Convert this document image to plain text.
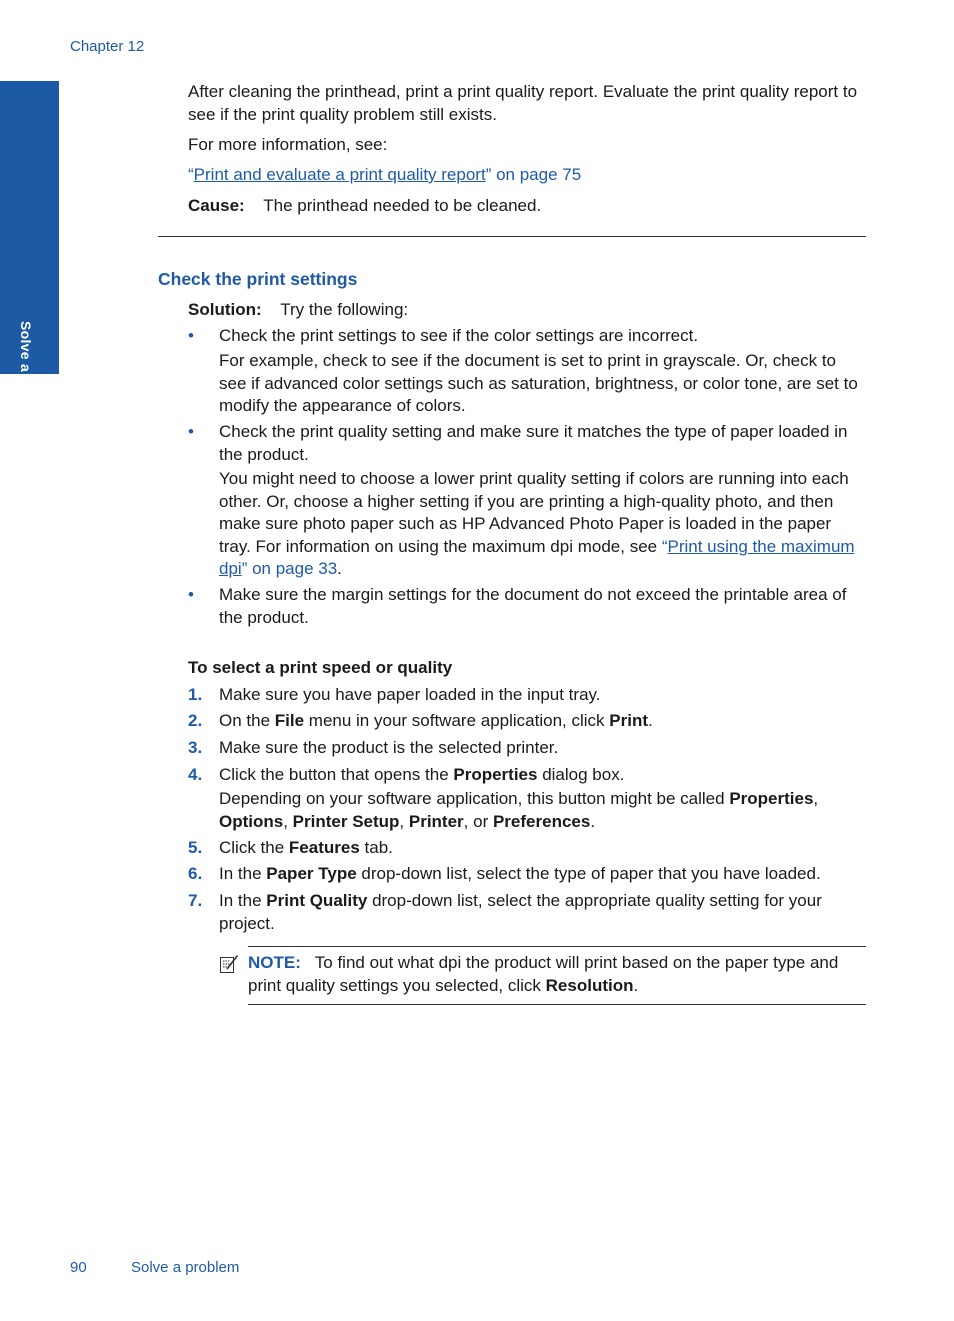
Chapter 12
Solve a problem
After cleaning the printhead, print a print quality report. Evaluate the print quality report to see if the print quality problem still exists.
For more information, see:
“Print and evaluate a print quality report” on page 75
Cause: The printhead needed to be cleaned.
Check the print settings
Solution: Try the following:
• Check the print settings to see if the color settings are incorrect.
For example, check to see if the document is set to print in grayscale. Or, check to see if advanced color settings such as saturation, brightness, or color tone, are set to modify the appearance of colors.
• Check the print quality setting and make sure it matches the type of paper loaded in the product.
You might need to choose a lower print quality setting if colors are running into each other. Or, choose a higher setting if you are printing a high-quality photo, and then make sure photo paper such as HP Advanced Photo Paper is loaded in the paper tray. For information on using the maximum dpi mode, see “Print using the maximum dpi” on page 33.
• Make sure the margin settings for the document do not exceed the printable area of the product.
To select a print speed or quality
1. Make sure you have paper loaded in the input tray.
2. On the File menu in your software application, click Print.
3. Make sure the product is the selected printer.
4. Click the button that opens the Properties dialog box.
Depending on your software application, this button might be called Properties, Options, Printer Setup, Printer, or Preferences.
5. Click the Features tab.
6. In the Paper Type drop-down list, select the type of paper that you have loaded.
7. In the Print Quality drop-down list, select the appropriate quality setting for your project.
NOTE: To find out what dpi the product will print based on the paper type and print quality settings you selected, click Resolution.
90	Solve a problem
